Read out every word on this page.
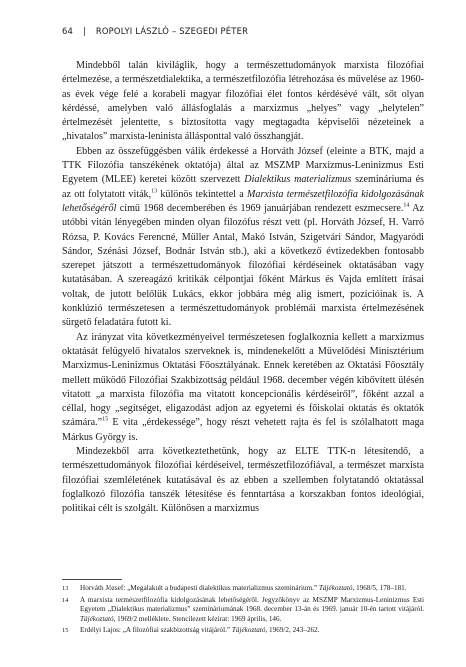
64 | ROPOLYI LÁSZLÓ – SZEGEDI PÉTER

Mindebből talán kiviláglik, hogy a természettudományok marxista filozófiai értelmezése, a természetdialektika, a természetfilozófia létrehozása és művelése az 1960-as évek vége felé a korabeli magyar filozófiai élet fontos kérdésévé vált, sőt olyan kérdéssé, amelyben való állásfoglalás a marxizmus „helyes” vagy „helytelen” értelmezését jelentette, s biztosította vagy megtagadta képviselői nézeteinek a „hivatalos” marxista-leninista állásponttal való összhangját.

Ebben az összefüggésben válik érdekessé a Horváth József (eleinte a BTK, majd a TTK Filozófia tanszékének oktatója) által az MSZMP Marxizmus-Leninizmus Esti Egyetem (MLEE) keretei között szervezett Dialektikus materializmus szemináriuma és az ott folytatott viták,$^{13}$ különös tekintettel a Marxista természetfilozófia kidolgozásának lehetőségéről című 1968 decemberében és 1969 januárjában rendezett eszmecsere.$^{14}$ Az utóbbi vitán lényegében minden olyan filozófus részt vett (pl. Horváth József, H. Varró Rózsa, P. Kovács Ferencné, Müller Antal, Makó István, Szigetvári Sándor, Magyaródi Sándor, Szénási József, Bodnár István stb.), aki a következő évtizedekben fontosabb szerepet játszott a természettudományok filozófiai kérdéseinek oktatásában vagy kutatásában. A szereagázó kritikák célpontjai főként Márkus és Vajda említett írásai voltak, de jutott belőlük Lukács, ekkor jobbára még alig ismert, pozícióinak is. A konklúzió természetesen a természettudományok problémái marxista értelmezésének sürgető feladatára futott ki.

Az irányzat vita következményeivel természetesen foglalkoznia kellett a marxizmus oktatását felügyelő hivatalos szerveknek is, mindenekelőtt a Művelődési Minisztérium Marxizmus-Leninizmus Oktatási Főosztályának. Ennek keretében az Oktatási Főosztály mellett működő Filozófiai Szakbizottság például 1968. december végén kibővített ülésén vitatott „a marxista filozófia ma vitatott koncepcionális kérdéseiről”, főként azzal a céllal, hogy „segítséget, eligazodást adjon az egyetemi és főiskolai oktatás és oktatók számára.”$^{15}$ E vita „érdekessége”, hogy részt vehetett rajta és fel is szólalhatott maga Márkus György is.

Mindezekből arra következtethetünk, hogy az ELTE TTK-n létesítendő, a természettudományok filozófiai kérdéseivel, természetfilozófiával, a természet marxista filozófiai szemléletének kutatásával és az ebben a szellemben folytatandó oktatással foglalkozó filozófia tanszék létesítése és fenntartása a korszakban fontos ideológiai, politikai célt is szolgált. Különösen a marxizmus

13	Horváth József: „Megalakult a budapesti dialektikus materializmus szeminárium.” Tájékoztató, 1968/5, 178–181.
14	A marxista természetfilozófia kidolgozásának lehetőségéről. Jegyzőkönyv az MSZMP Marxizmus-Leninizmus Esti Egyetem „Dialektikus materializmus” szemináriumának 1968. december 13-án és 1969. január 10-én tartott vitájáról. Tájékoztató, 1969/2 melléklete. Stencilezett kézirat: 1969 április, 146.
15	Erdélyi Lajos: „A filozófiai szakbizottság vitájáról.” Tájékoztató, 1969/2, 243–262.
